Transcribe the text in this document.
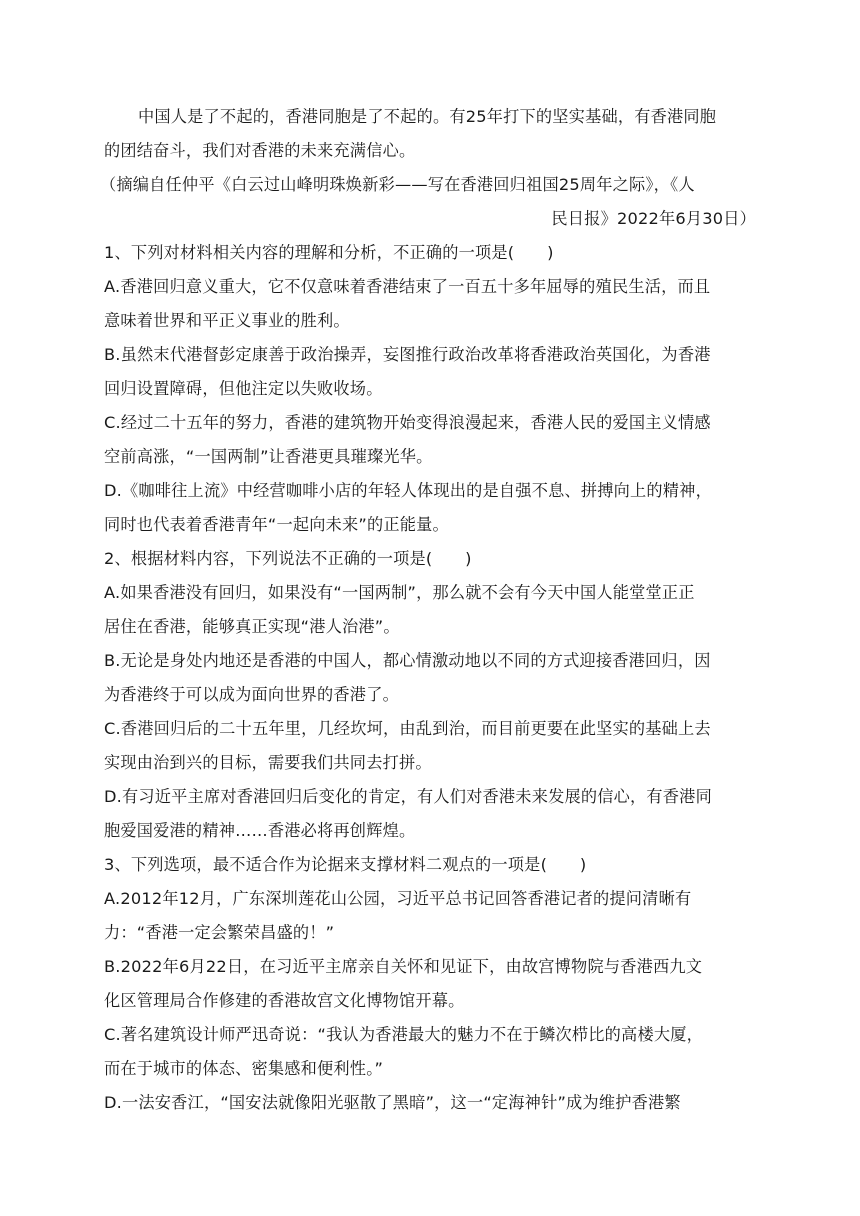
中国人是了不起的，香港同胞是了不起的。有25年打下的坚实基础，有香港同胞
的团结奋斗，我们对香港的未来充满信心。
（摘编自任仲平《白云过山峰明珠焕新彩——写在香港回归祖国25周年之际》，《人
民日报》2022年6月30日）
1、下列对材料相关内容的理解和分析，不正确的一项是(　　)
A.香港回归意义重大，它不仅意味着香港结束了一百五十多年屈辱的殖民生活，而且
意味着世界和平正义事业的胜利。
B.虽然末代港督彭定康善于政治操弄，妄图推行政治改革将香港政治英国化，为香港
回归设置障碍，但他注定以失败收场。
C.经过二十五年的努力，香港的建筑物开始变得浪漫起来，香港人民的爱国主义情感
空前高涨，“一国两制”让香港更具璀璨光华。
D.《咖啡往上流》中经营咖啡小店的年轻人体现出的是自强不息、拼搏向上的精神，
同时也代表着香港青年“一起向未来”的正能量。
2、根据材料内容，下列说法不正确的一项是(　　)
A.如果香港没有回归，如果没有“一国两制”，那么就不会有今天中国人能堂堂正正
居住在香港，能够真正实现“港人治港”。
B.无论是身处内地还是香港的中国人，都心情激动地以不同的方式迎接香港回归，因
为香港终于可以成为面向世界的香港了。
C.香港回归后的二十五年里，几经坎坷，由乱到治，而目前更要在此坚实的基础上去
实现由治到兴的目标，需要我们共同去打拼。
D.有习近平主席对香港回归后变化的肯定，有人们对香港未来发展的信心，有香港同
胞爱国爱港的精神……香港必将再创辉煌。
3、下列选项，最不适合作为论据来支撑材料二观点的一项是(　　)
A.2012年12月，广东深圳莲花山公园，习近平总书记回答香港记者的提问清晰有
力：“香港一定会繁荣昌盛的！”
B.2022年6月22日，在习近平主席亲自关怀和见证下，由故宫博物院与香港西九文
化区管理局合作修建的香港故宫文化博物馆开幕。
C.著名建筑设计师严迅奇说：“我认为香港最大的魅力不在于鳞次栉比的高楼大厦，
而在于城市的体态、密集感和便利性。”
D.一法安香江，“国安法就像阳光驱散了黑暗”，这一“定海神针”成为维护香港繁
